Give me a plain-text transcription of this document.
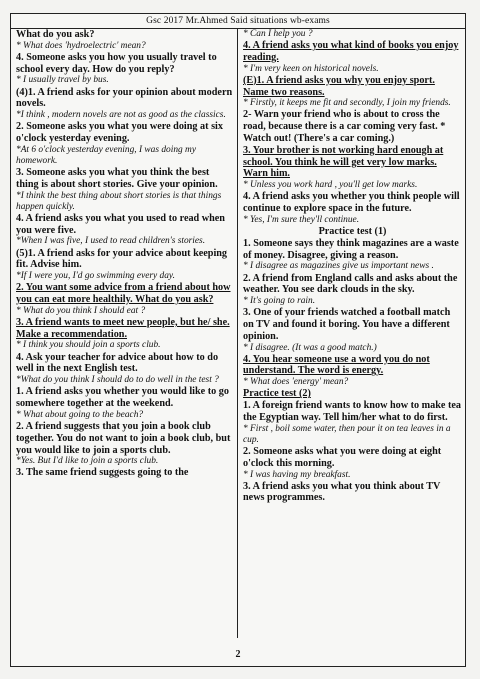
Gsc 2017 Mr.Ahmed Said situations wb-exams

What do you ask?

* What does 'hydroelectric' mean?

4. Someone asks you how you usually travel to school every day. How do you reply?

* I usually travel by bus.

(4)1. A friend asks for your opinion about modern novels.

*I think , modern novels are not as good as the classics.

2. Someone asks you what you were doing at six o'clock yesterday evening.

*At 6 o'clock yesterday evening, I was doing my homework.

3. Someone asks you what you think the best thing is about short stories. Give your opinion.

*I think the best thing about short stories is that things happen quickly.

4. A friend asks you what you used to read when you were five.

*When I was five, I used to read children's stories.

(5)1. A friend asks for your advice about keeping fit. Advise him.

*If I were you, I'd go swimming every day.

2. You want some advice from a friend about how you can eat more healthily. What do you ask?

* What do you think I should eat ?

3. A friend wants to meet new people, but he/ she.

Make a recommendation.

* I think you should join a sports club.

4. Ask your teacher for advice about how to do well in the next English test.

*What do you think I should do to do well in the test ?

1. A friend asks you whether you would like to go somewhere together at the weekend.

* What about going to the beach?

2. A friend suggests that you join a book club together. You do not want to join a book club, but you would like to join a sports club.

*Yes. But I'd like to join a sports club.

3. The same friend suggests going to the

* Can I help you ?

4. A friend asks you what kind of books you enjoy reading.

* I'm very keen on historical novels.

(E)1. A friend asks you why you enjoy sport. Name two reasons.

* Firstly, it keeps me fit and secondly, I join my friends.

2- Warn your friend who is about to cross the road, because there is a car coming very fast. * Watch out! (There's a car coming.)

3. Your brother is not working hard enough at school. You think he will get very low marks. Warn him.

* Unless you work hard , you'll get low marks.

4. A friend asks you whether you think people will continue to explore space in the future.

* Yes, I'm sure they'll continue.

Practice test (1)

1. Someone says they think magazines are a waste of money. Disagree, giving a reason.

* I disagree as magazines give us important news .

2. A friend from England calls and asks about the weather. You see dark clouds in the sky.

* It's going to rain.

3. One of your friends watched a football match on TV and found it boring. You have a different opinion.

* I disagree. (It was a good match.)

4. You hear someone use a word you do not understand. The word is energy.

* What does 'energy' mean?

Practice test (2)

1. A foreign friend wants to know how to make tea the Egyptian way. Tell him/her what to do first.

* First , boil some water, then pour it on tea leaves in a cup.

2. Someone asks what you were doing at eight o'clock this morning.

* I was having my breakfast.

3. A friend asks you what you think about TV news programmes.

2
